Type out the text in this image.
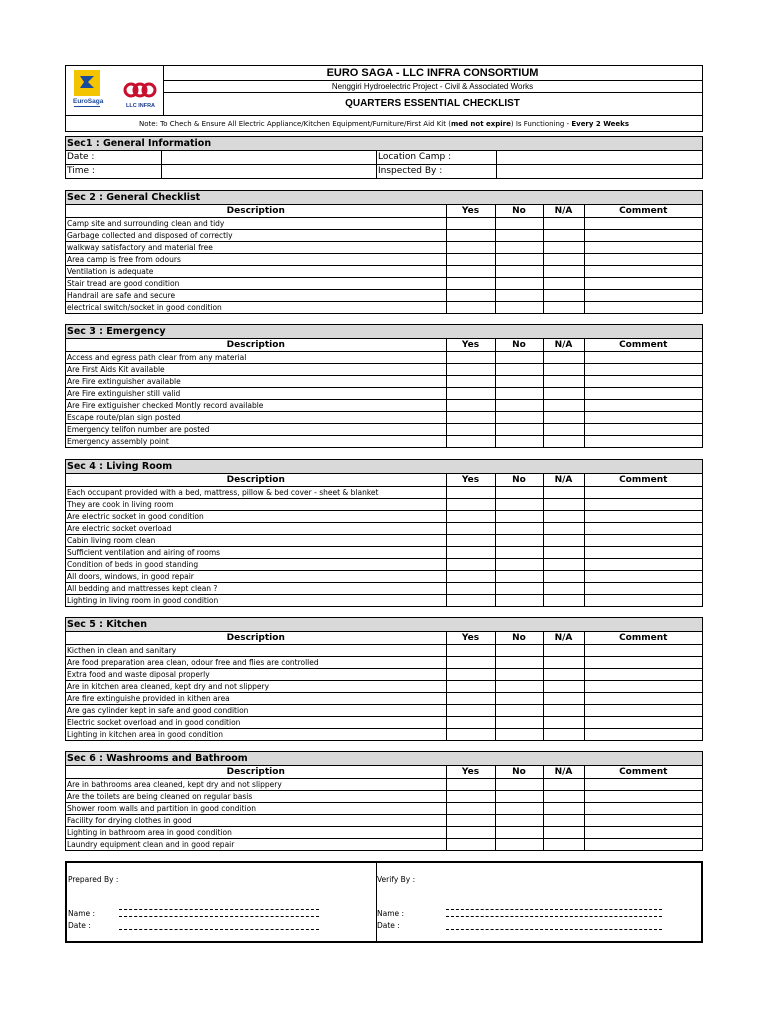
EuroSaga
LLC INFRA
EURO SAGA - LLC INFRA CONSORTIUM
Nenggiri Hydroelectric Project - Civil & Associated Works
QUARTERS ESSENTIAL CHECKLIST
Note: To Chech & Ensure All Electric Appliance/Kitchen Equipment/Furniture/First Aid Kit (med not expire) Is Functioning - Every 2 Weeks
Sec1 : General Information
Date :	Location Camp :
Time :	Inspected By :
Sec 2 : General Checklist
Description	Yes	No	N/A	Comment
Camp site and surrounding clean and tidy				
Garbage collected and disposed of correctly				
walkway satisfactory and material free				
Area camp is free from odours				
Ventilation is adequate				
Stair tread are good condition				
Handrail are safe and secure				
electrical switch/socket in good condition				
Sec 3 : Emergency
Description	Yes	No	N/A	Comment
Access and egress path clear from any material				
Are First Aids Kit available				
Are Fire extinguisher available				
Are Fire extinguisher still valid				
Are Fire extiguisher checked Montly record available				
Escape route/plan sign posted				
Emergency telifon number are posted				
Emergency assembly point				
Sec 4 : Living Room
Description	Yes	No	N/A	Comment
Each occupant provided with a bed, mattress, pillow & bed cover - sheet & blanket				
They are cook in living room				
Are electric socket in good condition				
Are electric socket overload				
Cabin living room clean				
Sufficient ventilation and airing of rooms				
Condition of beds in good standing				
All doors, windows, in good repair				
All bedding and mattresses kept clean ?				
Lighting in living room in good condition				
Sec 5 : Kitchen
Description	Yes	No	N/A	Comment
Kicthen in clean and sanitary				
Are food preparation area clean, odour free and flies are controlled				
Extra food and waste diposal properly				
Are in kitchen area cleaned, kept dry and not slippery				
Are fire extinguishe provided in kithen area				
Are gas cylinder kept in safe and good condition				
Electric socket overload and in good condition				
Lighting in kitchen area in good condition				
Sec 6 : Washrooms and Bathroom
Description	Yes	No	N/A	Comment
Are in bathrooms area cleaned, kept dry and not slippery				
Are the toilets are being cleaned on regular basis				
Shower room walls and partition in good condition				
Facility for drying clothes in good				
Lighting in bathroom area in good condition				
Laundry equipment clean and in good repair				
Prepared By :
Name :
Date :
Verify By :
Name :
Date :
